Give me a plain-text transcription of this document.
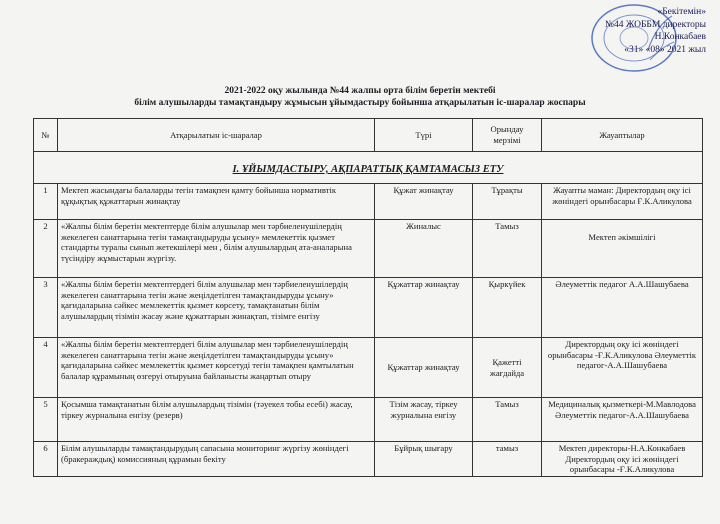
«Бекітемін»
№44 ЖОББМ директоры
Н.Конкабаев
«31» «08» 2021 жыл
2021-2022 оқу жылында №44 жалпы орта білім беретін мектебі
білім алушыларды тамақтандыру жұмысын ұйымдастыру бойынша атқарылатын іс-шаралар жоспары
№	Атқарылатын іс-шаралар	Түрі	Орындау мерзімі	Жауаптылар
I. ҰЙЫМДАСТЫРУ, АҚПАРАТТЫҚ ҚАМТАМАСЫЗ ЕТУ				
1	Мектеп жасындағы балаларды тегін тамақпен қамту бойынша нормативтік құқықтық құжаттарын жинақтау	Құжат жинақтау	Тұрақты	Жауапты маман: Директордың оқу ісі жөніндегі орынбасары Ғ.К.Аликулова
2	«Жалпы білім беретін мектептерде білім алушылар мен тәрбиеленушілердің жекелеген санаттарына тегін тамақтандыруды ұсыну» мемлекеттік қызмет стандарты туралы сынып жетекшілері мен , білім алушылардың ата-аналарына түсіндіру жұмыстарын жүргізу.	Жиналыс	Тамыз	Мектеп әкімшілігі
3	«Жалпы білім беретін мектептердегі білім алушылар мен тәрбиеленушілердің жекелеген санаттарына тегін және жеңілдетілген тамақтандыруды ұсыну» қағидаларына сәйкес мемлекеттік қызмет көрсету, тамақтанатын білім алушылардың тізімін жасау және құжаттарын жинақтап, тізімге енгізу	Құжаттар жинақтау	Қыркүйек	Әлеуметтік педагог А.А.Шашубаева
4	«Жалпы білім беретін мектептердегі білім алушылар мен тәрбиеленушілердің жекелеген санаттарына тегін және жеңілдетілген тамақтандыруды ұсыну» қағидаларына сәйкес мемлекеттік қызмет көрсетуді тегін тамақпен қамтылатын балалар құрамының өзгеруі отыруына байланысты жаңартып отыру	Құжаттар жинақтау	Қажетті жағдайда	Директордың оқу ісі жөніндегі орынбасары -Ғ.К.Аликулова Әлеуметтік педагог-А.А.Шашубаева
5	Қосымша тамақтанатын білім алушылардың тізімін (тәуекел тобы есебі) жасау, тіркеу журналына енгізу (резерв)	Тізім жасау, тіркеу журналына енгізу	Тамыз	Медициналық қызметкері-М.Мавлодова Әлеуметтік педагог-А.А.Шашубаева
6	Білім алушыларды тамақтандырудың сапасына мониторинг жүргізу жөніндегі (бракераждық) комиссияның құрамын бекіту	Бұйрық шығару	тамыз	Мектеп директоры-Н.А.Конкабаев Директордың оқу ісі жөніндегі орынбасары -Ғ.К.Аликулова
